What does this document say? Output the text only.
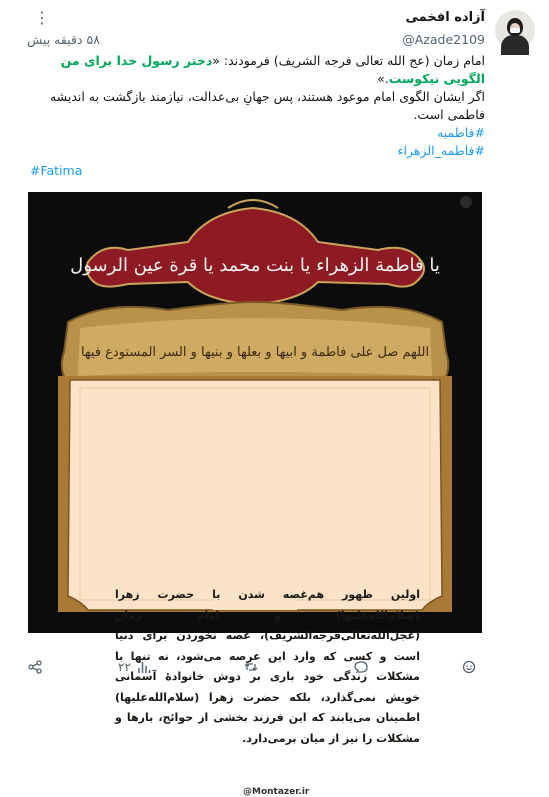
⋮	آزاده افخمی
@Azade2109
۵۸ دقیقه پیش
امام زمان (عج الله تعالی فرجه الشریف) فرمودند: «دختر رسول خدا برای من الگویی نیکوست.»
اگر ایشان الگوی امام موعود هستند، پس جهانِ بی‌عدالت، نیازمند بازگشت به اندیشه فاطمی است.
#فاطمیه
#فاطمه_الزهراء
#Fatima
یا فاطمة الزهراء یا بنت محمد یا قرة عین الرسول
اللهم صل علی فاطمة و ابیها و بعلها و بنیها و السر المستودع فیها
اولین ظهور هم‌غصه شدن با حضرت زهرا (سلام‌الله‌علیها) و امام زمان (عجل‌الله‌تعالی‌فرجه‌الشریف)، غصه نخوردن برای دنیا است و کسی که وارد این عرصه می‌شود، نه تنها با مشکلات زندگی خود باری بر دوش خانوادهٔ آسمانی خویش نمی‌گذارد، بلکه حضرت زهرا (سلام‌الله‌علیها) اطمینان می‌یابند که این فرزند بخشی از حوائج، بارها و مشکلات را نیز از میان برمی‌دارد.
@Montazer.ir
۲۲
